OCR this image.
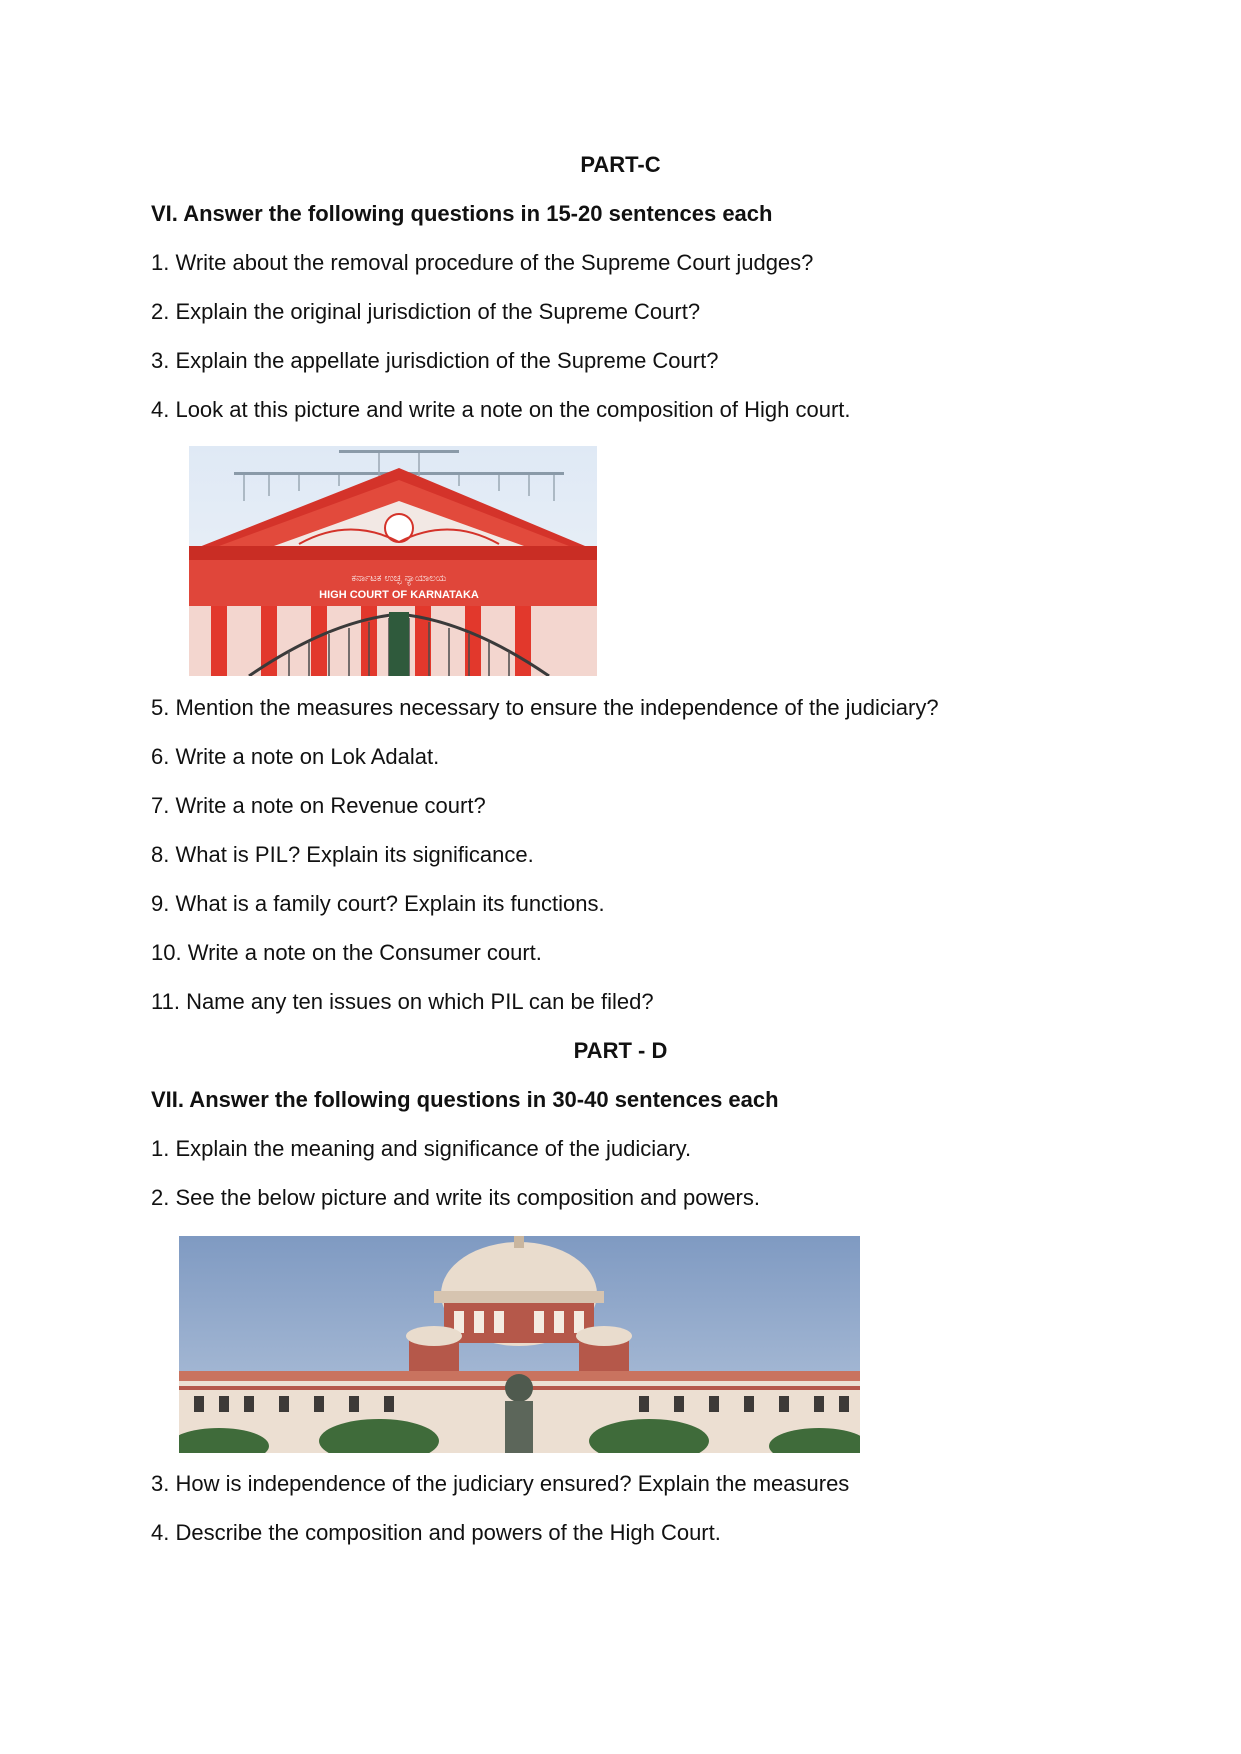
PART-C
VI. Answer the following questions in 15-20 sentences each
1. Write about the removal procedure of the Supreme Court judges?
2. Explain the original jurisdiction of the Supreme Court?
3. Explain the appellate jurisdiction of the Supreme Court?
4. Look at this picture and write a note on the composition of High court.
ಕರ್ನಾಟಕ ಉಚ್ಛ ನ್ಯಾಯಾಲಯ
HIGH COURT OF KARNATAKA
5. Mention the measures necessary to ensure the independence of the judiciary?
6. Write a note on Lok Adalat.
7. Write a note on Revenue court?
8. What is PIL? Explain its significance.
9. What is a family court? Explain its functions.
10. Write a note on the Consumer court.
11. Name any ten issues on which PIL can be filed?
PART - D
VII. Answer the following questions in 30-40 sentences each
1. Explain the meaning and significance of the judiciary.
2. See the below picture and write its composition and powers.
3. How is independence of the judiciary ensured? Explain the measures
4. Describe the composition and powers of the High Court.
